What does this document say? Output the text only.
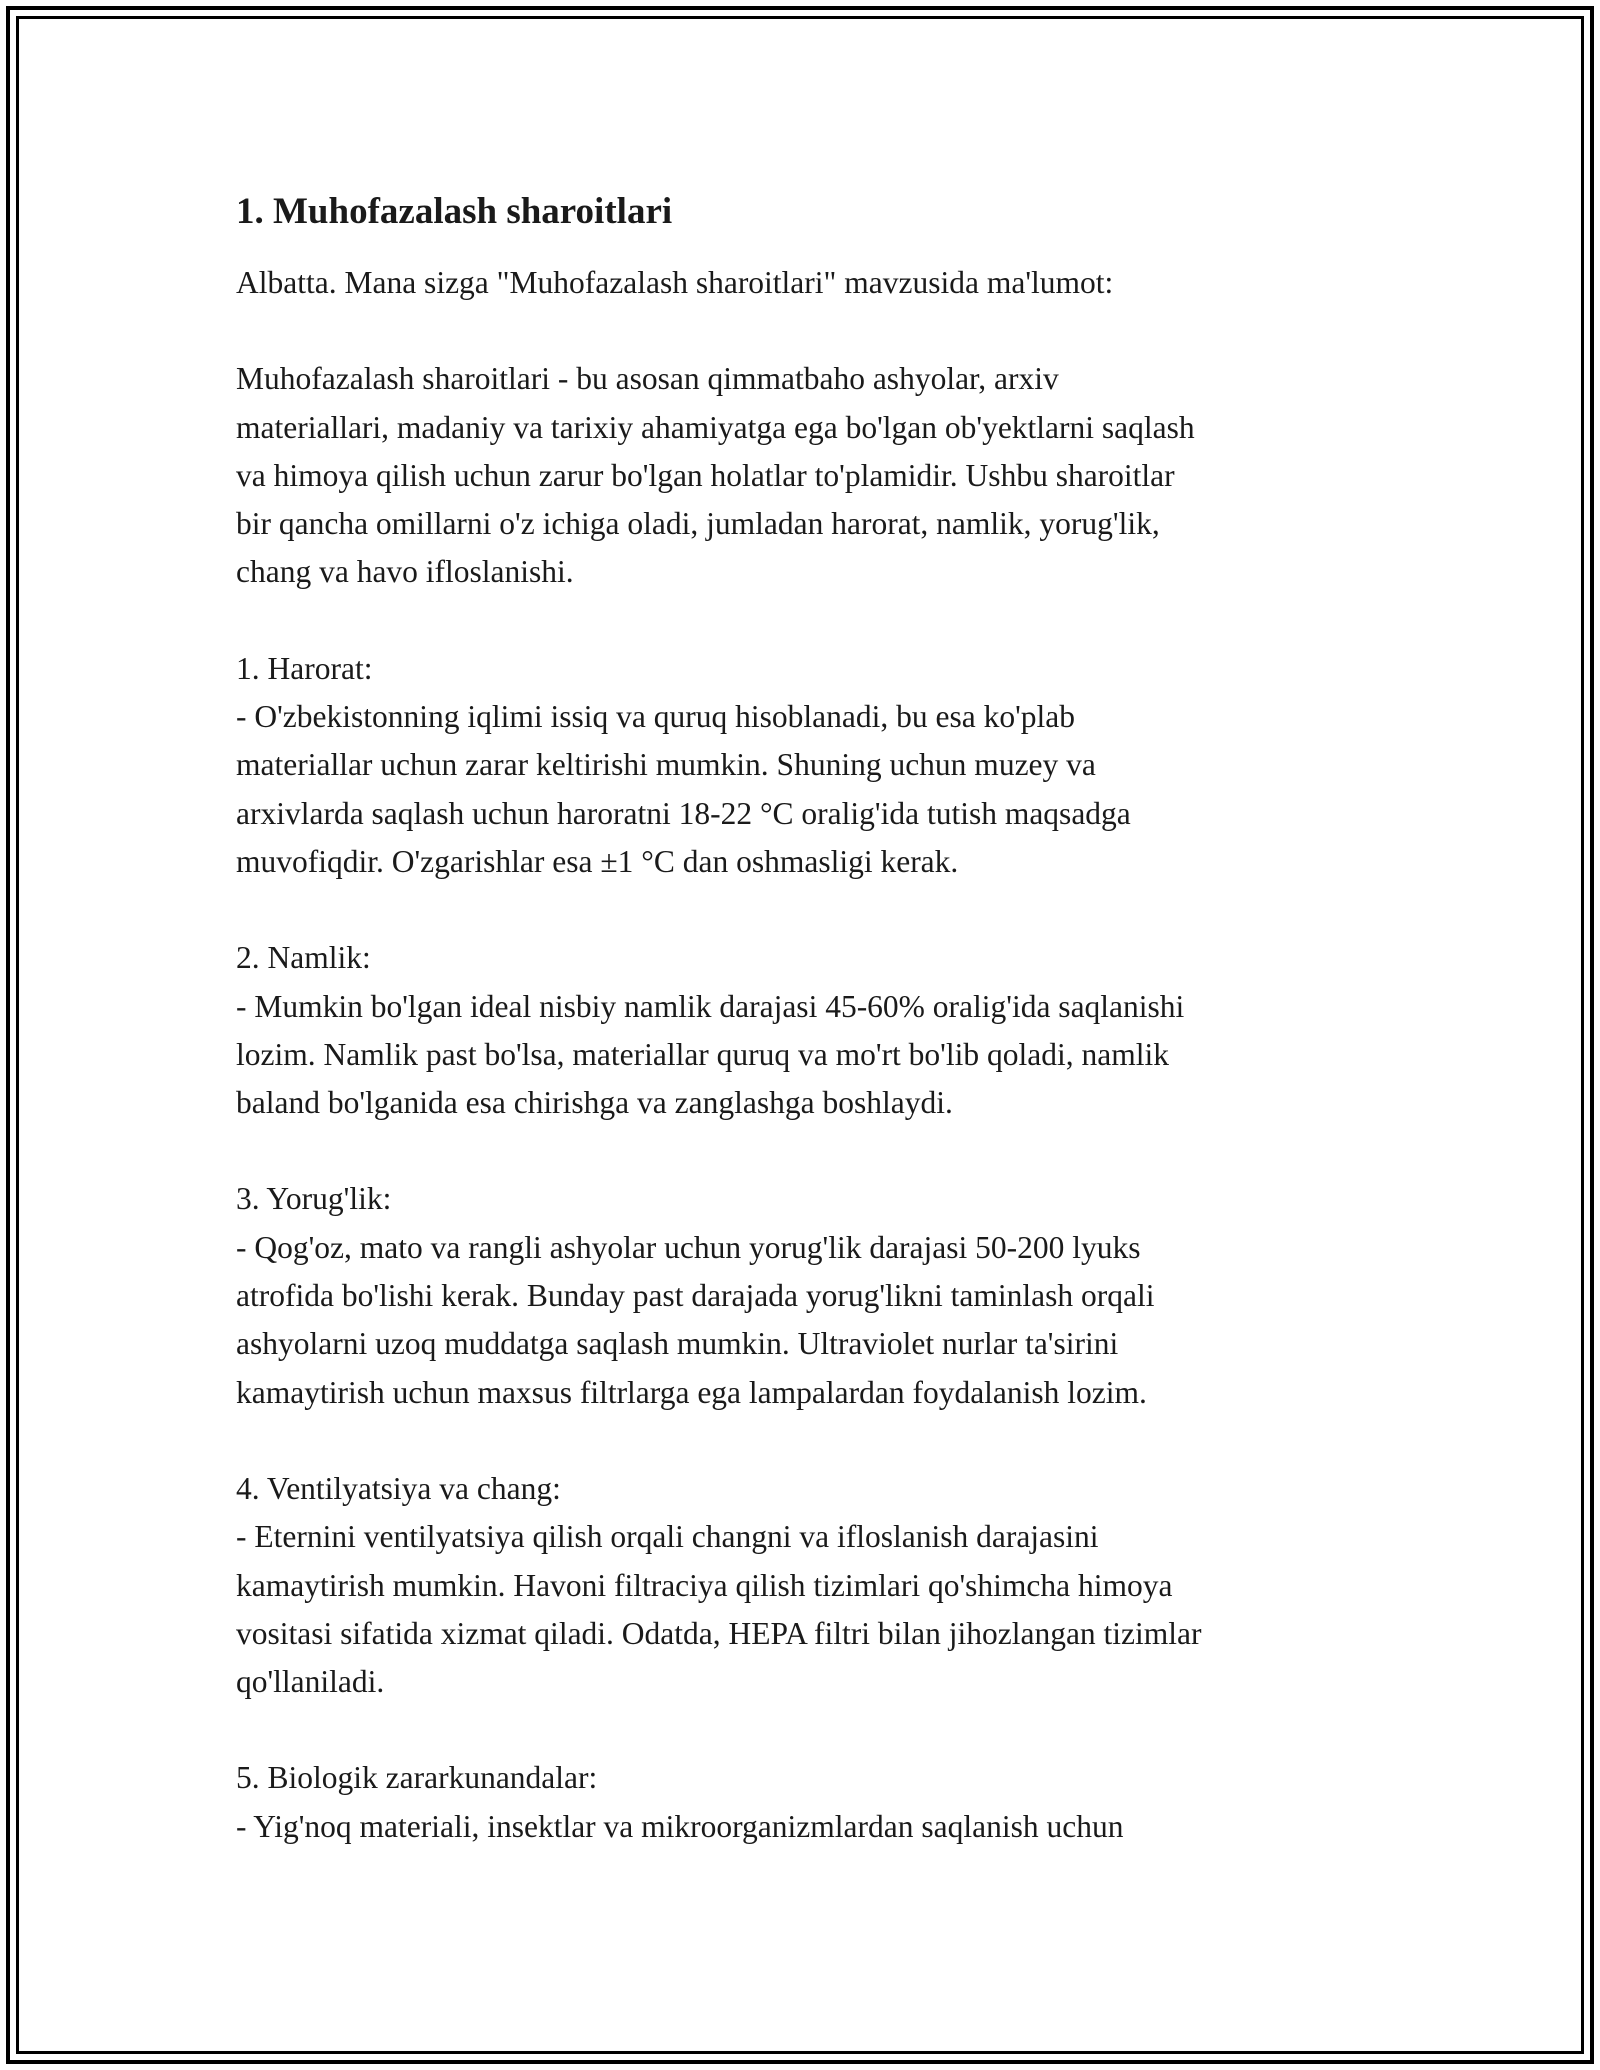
1. Muhofazalash sharoitlari

Albatta. Mana sizga "Muhofazalash sharoitlari" mavzusida ma'lumot:

Muhofazalash sharoitlari - bu asosan qimmatbaho ashyolar, arxiv
materiallari, madaniy va tarixiy ahamiyatga ega bo'lgan ob'yektlarni saqlash
va himoya qilish uchun zarur bo'lgan holatlar to'plamidir. Ushbu sharoitlar
bir qancha omillarni o'z ichiga oladi, jumladan harorat, namlik, yorug'lik,
chang va havo ifloslanishi.

1. Harorat:

- O'zbekistonning iqlimi issiq va quruq hisoblanadi, bu esa ko'plab
materiallar uchun zarar keltirishi mumkin. Shuning uchun muzey va
arxivlarda saqlash uchun haroratni 18-22 °C oralig'ida tutish maqsadga
muvofiqdir. O'zgarishlar esa ±1 °C dan oshmasligi kerak.

2. Namlik:

- Mumkin bo'lgan ideal nisbiy namlik darajasi 45-60% oralig'ida saqlanishi
lozim. Namlik past bo'lsa, materiallar quruq va mo'rt bo'lib qoladi, namlik
baland bo'lganida esa chirishga va zanglashga boshlaydi.

3. Yorug'lik:

- Qog'oz, mato va rangli ashyolar uchun yorug'lik darajasi 50-200 lyuks
atrofida bo'lishi kerak. Bunday past darajada yorug'likni taminlash orqali
ashyolarni uzoq muddatga saqlash mumkin. Ultraviolet nurlar ta'sirini
kamaytirish uchun maxsus filtrlarga ega lampalardan foydalanish lozim.

4. Ventilyatsiya va chang:

- Eternini ventilyatsiya qilish orqali changni va ifloslanish darajasini
kamaytirish mumkin. Havoni filtraciya qilish tizimlari qo'shimcha himoya
vositasi sifatida xizmat qiladi. Odatda, HEPA filtri bilan jihozlangan tizimlar
qo'llaniladi.

5. Biologik zararkunandalar:

- Yig'noq materiali, insektlar va mikroorganizmlardan saqlanish uchun
